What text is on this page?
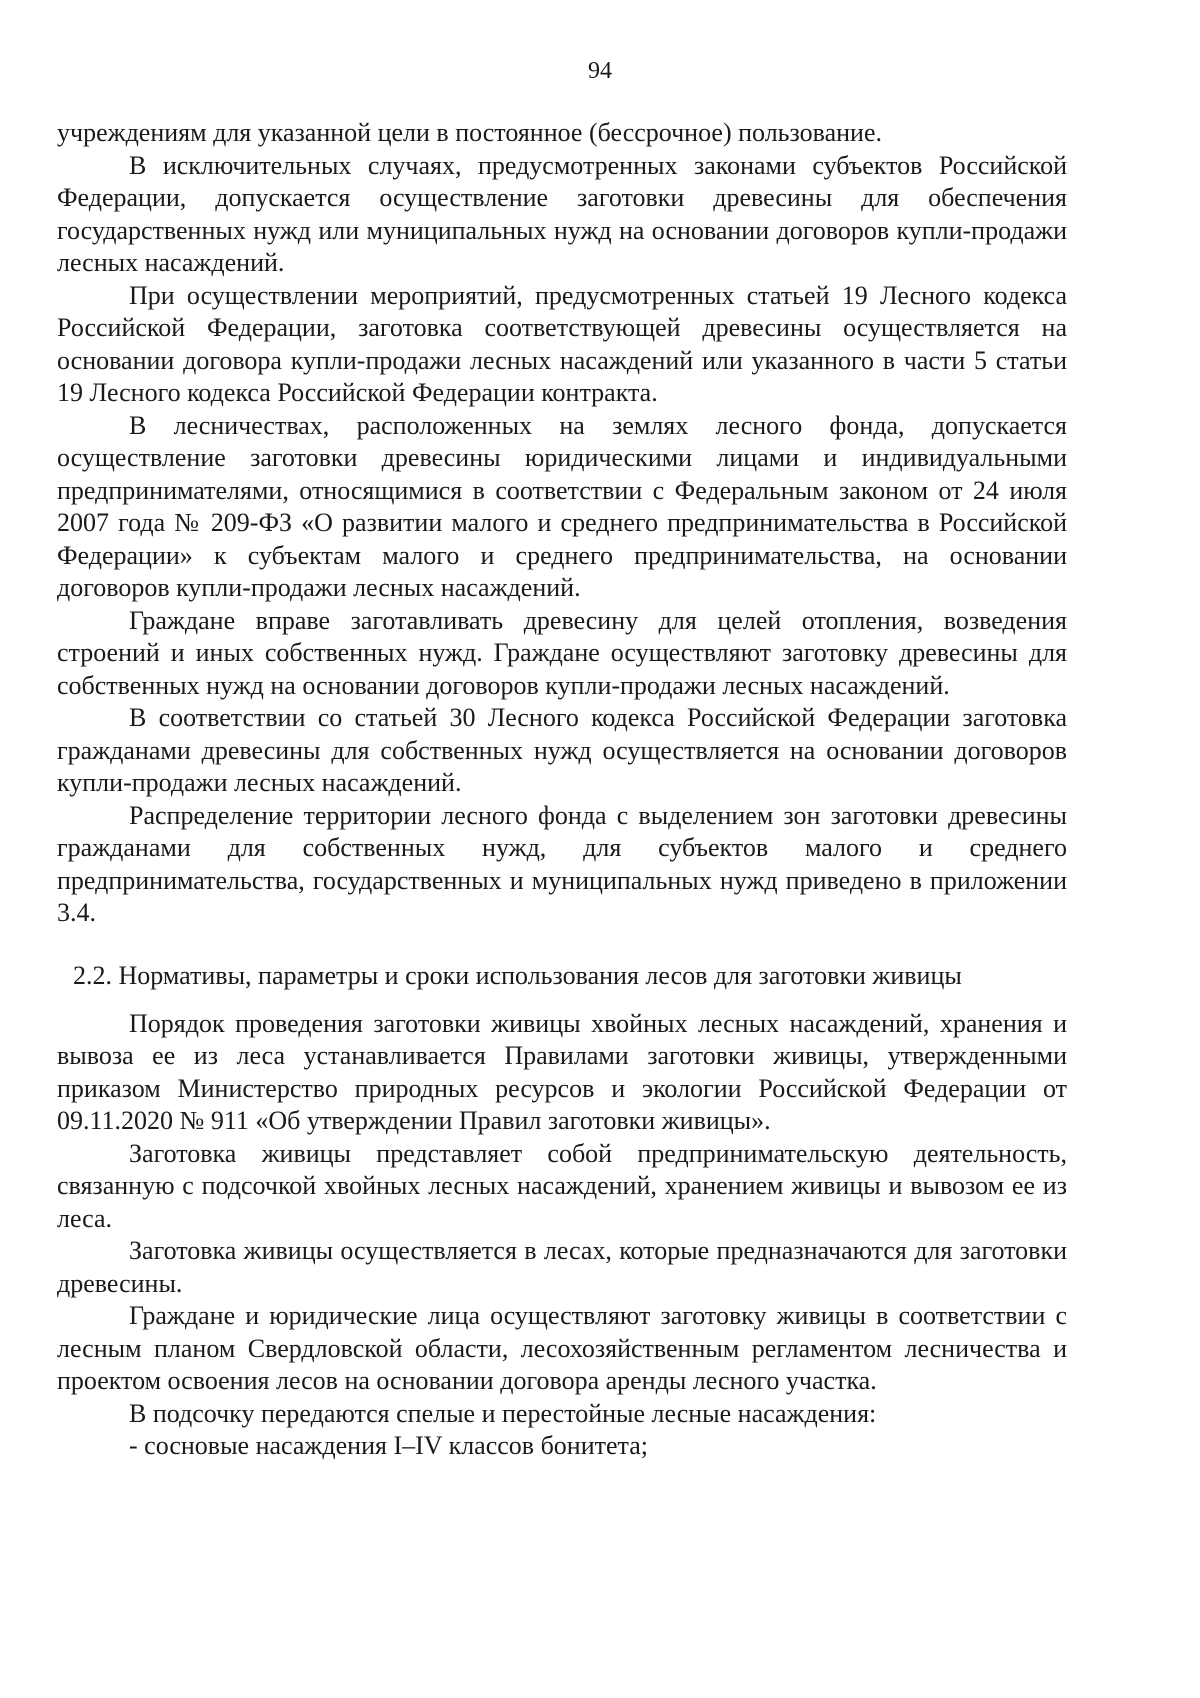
94

учреждениям для указанной цели в постоянное (бессрочное) пользование.

В исключительных случаях, предусмотренных законами субъектов Российской Федерации, допускается осуществление заготовки древесины для обеспечения государственных нужд или муниципальных нужд на основании договоров купли-продажи лесных насаждений.

При осуществлении мероприятий, предусмотренных статьей 19 Лесного кодекса Российской Федерации, заготовка соответствующей древесины осуществляется на основании договора купли-продажи лесных насаждений или указанного в части 5 статьи 19 Лесного кодекса Российской Федерации контракта.

В лесничествах, расположенных на землях лесного фонда, допускается осуществление заготовки древесины юридическими лицами и индивидуальными предпринимателями, относящимися в соответствии с Федеральным законом от 24 июля 2007 года № 209-ФЗ «О развитии малого и среднего предпринимательства в Российской Федерации» к субъектам малого и среднего предпринимательства, на основании договоров купли-продажи лесных насаждений.

Граждане вправе заготавливать древесину для целей отопления, возведения строений и иных собственных нужд. Граждане осуществляют заготовку древесины для собственных нужд на основании договоров купли-продажи лесных насаждений.

В соответствии со статьей 30 Лесного кодекса Российской Федерации заготовка гражданами древесины для собственных нужд осуществляется на основании договоров купли-продажи лесных насаждений.

Распределение территории лесного фонда с выделением зон заготовки древесины гражданами для собственных нужд, для субъектов малого и среднего предпринимательства, государственных и муниципальных нужд приведено в приложении 3.4.

2.2. Нормативы, параметры и сроки использования лесов для заготовки живицы

Порядок проведения заготовки живицы хвойных лесных насаждений, хранения и вывоза ее из леса устанавливается Правилами заготовки живицы, утвержденными приказом Министерство природных ресурсов и экологии Российской Федерации от 09.11.2020 № 911 «Об утверждении Правил заготовки живицы».

Заготовка живицы представляет собой предпринимательскую деятельность, связанную с подсочкой хвойных лесных насаждений, хранением живицы и вывозом ее из леса.

Заготовка живицы осуществляется в лесах, которые предназначаются для заготовки древесины.

Граждане и юридические лица осуществляют заготовку живицы в соответствии с лесным планом Свердловской области, лесохозяйственным регламентом лесничества и проектом освоения лесов на основании договора аренды лесного участка.

В подсочку передаются спелые и перестойные лесные насаждения:

- сосновые насаждения I–IV классов бонитета;
